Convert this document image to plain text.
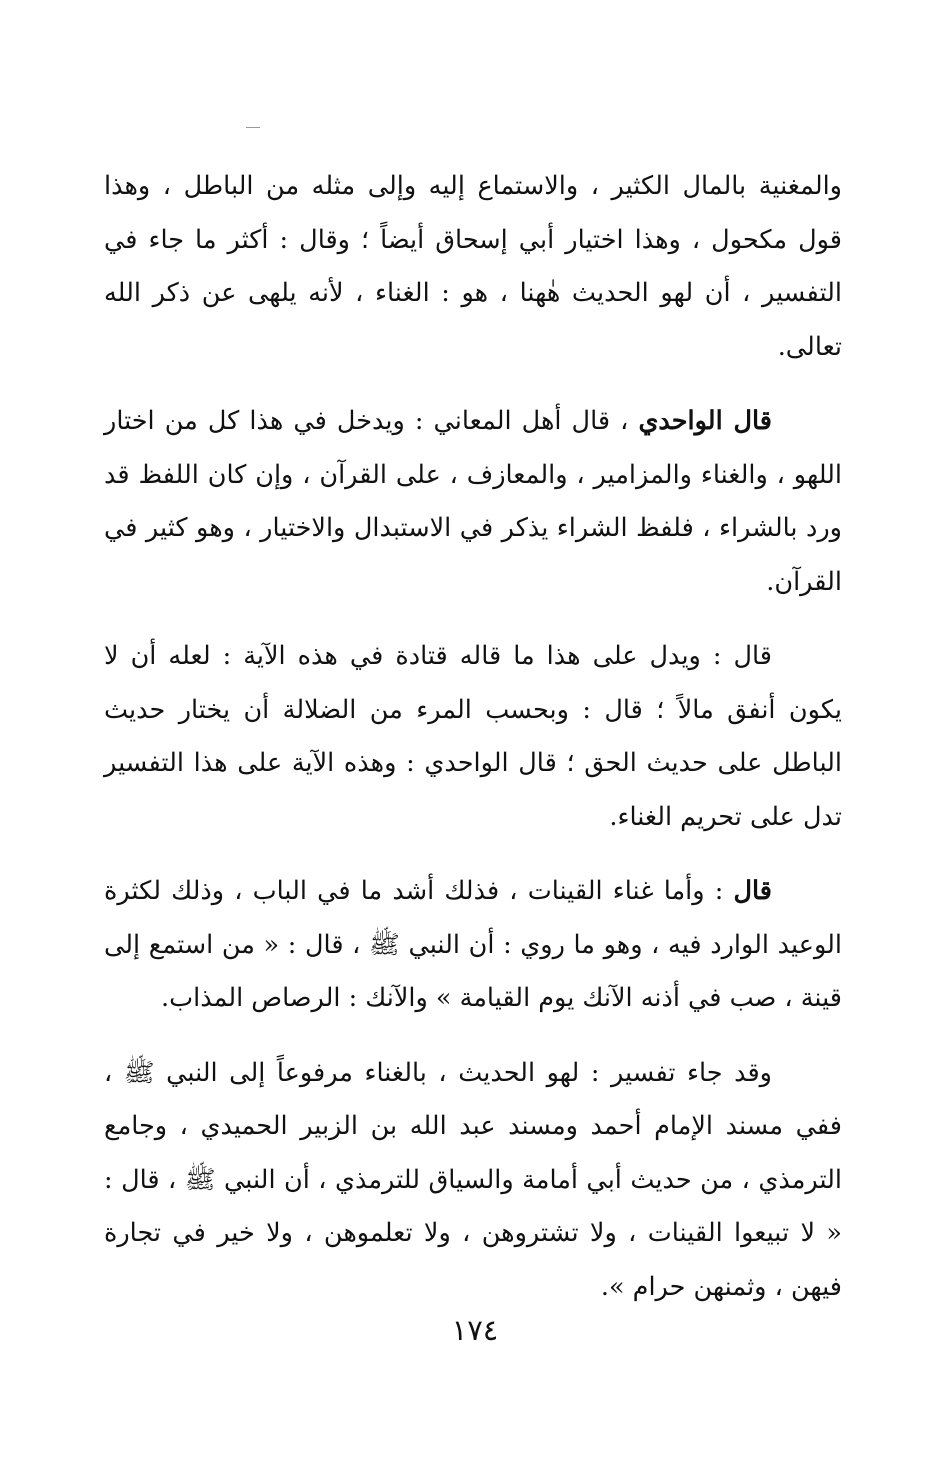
والمغنية بالمال الكثير ، والاستماع إليه وإلى مثله من الباطل ، وهذا قول مكحول ، وهذا اختيار أبي إسحاق أيضاً ؛ وقال : أكثر ما جاء في التفسير ، أن لهو الحديث هٰهنا ، هو : الغناء ، لأنه يلهى عن ذكر الله تعالى.

قال الواحدي ، قال أهل المعاني : ويدخل في هذا كل من اختار اللهو ، والغناء والمزامير ، والمعازف ، على القرآن ، وإن كان اللفظ قد ورد بالشراء ، فلفظ الشراء يذكر في الاستبدال والاختيار ، وهو كثير في القرآن.

قال : ويدل على هذا ما قاله قتادة في هذه الآية : لعله أن لا يكون أنفق مالاً ؛ قال : وبحسب المرء من الضلالة أن يختار حديث الباطل على حديث الحق ؛ قال الواحدي : وهذه الآية على هذا التفسير تدل على تحريم الغناء.

قال : وأما غناء القينات ، فذلك أشد ما في الباب ، وذلك لكثرة الوعيد الوارد فيه ، وهو ما روي : أن النبي ﷺ ، قال : « من استمع إلى قينة ، صب في أذنه الآنك يوم القيامة » والآنك : الرصاص المذاب.

وقد جاء تفسير : لهو الحديث ، بالغناء مرفوعاً إلى النبي ﷺ ، ففي مسند الإمام أحمد ومسند عبد الله بن الزبير الحميدي ، وجامع الترمذي ، من حديث أبي أمامة والسياق للترمذي ، أن النبي ﷺ ، قال : « لا تبيعوا القينات ، ولا تشتروهن ، ولا تعلموهن ، ولا خير في تجارة فيهن ، وثمنهن حرام ».

١٧٤
